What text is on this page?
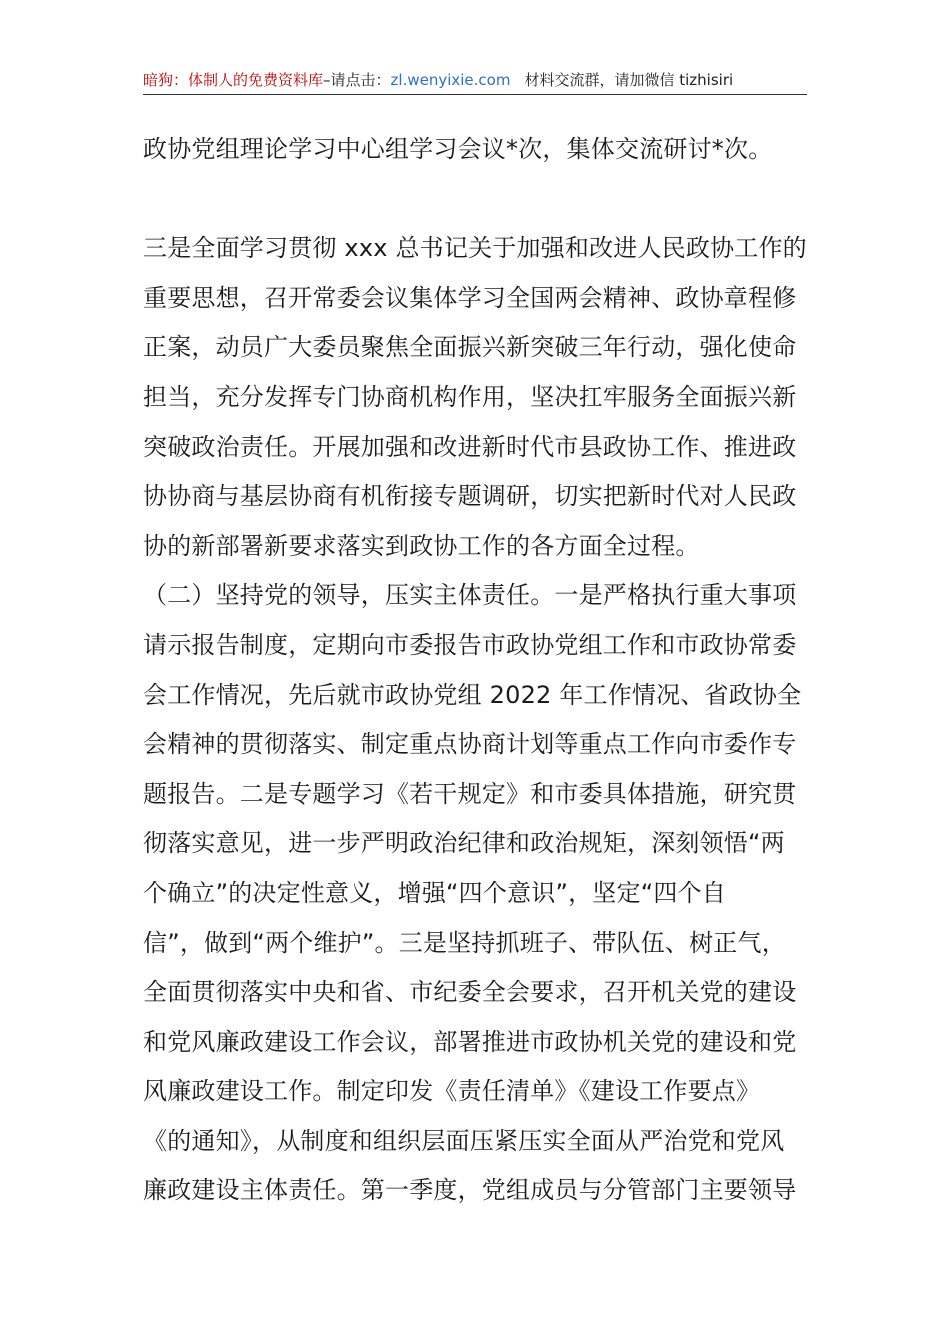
暗狗：体制人的免费资料库–请点击：zl.wenyixie.com 材料交流群，请加微信 tizhisiri
政协党组理论学习中心组学习会议*次，集体交流研讨*次。
三是全面学习贯彻 xxx 总书记关于加强和改进人民政协工作的
重要思想，召开常委会议集体学习全国两会精神、政协章程修
正案，动员广大委员聚焦全面振兴新突破三年行动，强化使命
担当，充分发挥专门协商机构作用，坚决扛牢服务全面振兴新
突破政治责任。开展加强和改进新时代市县政协工作、推进政
协协商与基层协商有机衔接专题调研，切实把新时代对人民政
协的新部署新要求落实到政协工作的各方面全过程。
（二）坚持党的领导，压实主体责任。一是严格执行重大事项
请示报告制度，定期向市委报告市政协党组工作和市政协常委
会工作情况，先后就市政协党组 2022 年工作情况、省政协全
会精神的贯彻落实、制定重点协商计划等重点工作向市委作专
题报告。二是专题学习《若干规定》和市委具体措施，研究贯
彻落实意见，进一步严明政治纪律和政治规矩，深刻领悟“两
个确立”的决定性意义，增强“四个意识”，坚定“四个自
信”，做到“两个维护”。三是坚持抓班子、带队伍、树正气，
全面贯彻落实中央和省、市纪委全会要求，召开机关党的建设
和党风廉政建设工作会议，部署推进市政协机关党的建设和党
风廉政建设工作。制定印发《责任清单》《建设工作要点》
《的通知》，从制度和组织层面压紧压实全面从严治党和党风
廉政建设主体责任。第一季度，党组成员与分管部门主要领导
